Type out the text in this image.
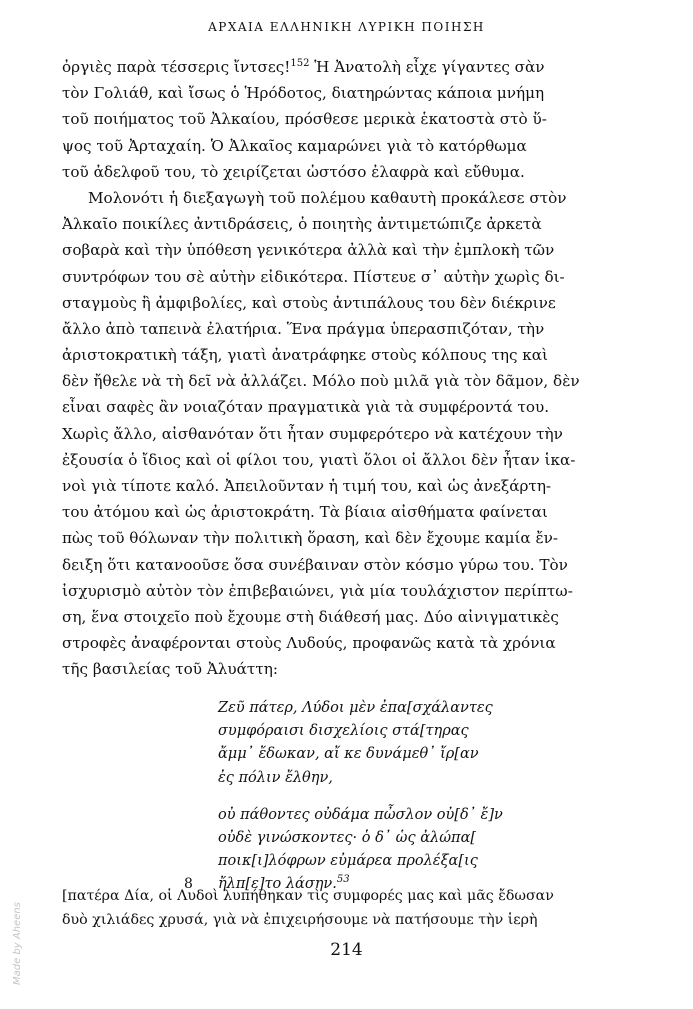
ΑΡΧΑΙΑ ΕΛΛΗΝΙΚΗ ΛΥΡΙΚΗ ΠΟΙΗΣΗ
ὀργιὲς παρὰ τέσσερις ἴντσες!$^{152}$ Ἡ Ἀνατολὴ εἶχε γίγαντες σὰν
τὸν Γολιάθ, καὶ ἴσως ὁ Ἡρόδοτος, διατηρώντας κάποια μνήμη
τοῦ ποιήματος τοῦ Ἀλκαίου, πρόσθεσε μερικὰ ἑκατοστὰ στὸ ὕ-
ψος τοῦ Ἀρταχαίη. Ὁ Ἀλκαῖος καμαρώνει γιὰ τὸ κατόρθωμα
τοῦ ἀδελφοῦ του, τὸ χειρίζεται ὡστόσο ἐλαφρὰ καὶ εὔθυμα.
Μολονότι ἡ διεξαγωγὴ τοῦ πολέμου καθαυτὴ προκάλεσε στὸν
Ἀλκαῖο ποικίλες ἀντιδράσεις, ὁ ποιητὴς ἀντιμετώπιζε ἀρκετὰ
σοβαρὰ καὶ τὴν ὑπόθεση γενικότερα ἀλλὰ καὶ τὴν ἐμπλοκὴ τῶν
συντρόφων του σὲ αὐτὴν εἰδικότερα. Πίστευε σ᾽ αὐτὴν χωρὶς δι-
σταγμοὺς ἢ ἀμφιβολίες, καὶ στοὺς ἀντιπάλους του δὲν διέκρινε
ἄλλο ἀπὸ ταπεινὰ ἐλατήρια. Ἕνα πράγμα ὑπερασπιζόταν, τὴν
ἀριστοκρατικὴ τάξη, γιατὶ ἀνατράφηκε στοὺς κόλπους της καὶ
δὲν ἤθελε νὰ τὴ δεῖ νὰ ἀλλάζει. Μόλο ποὺ μιλᾶ γιὰ τὸν δᾶμον, δὲν
εἶναι σαφὲς ἂν νοιαζόταν πραγματικὰ γιὰ τὰ συμφέροντά του.
Χωρὶς ἄλλο, αἰσθανόταν ὅτι ἦταν συμφερότερο νὰ κατέχουν τὴν
ἐξουσία ὁ ἴδιος καὶ οἱ φίλοι του, γιατὶ ὅλοι οἱ ἄλλοι δὲν ἦταν ἱκα-
νοὶ γιὰ τίποτε καλό. Ἀπειλοῦνταν ἡ τιμή του, καὶ ὡς ἀνεξάρτη-
του ἀτόμου καὶ ὡς ἀριστοκράτη. Τὰ βίαια αἰσθήματα φαίνεται
πὼς τοῦ θόλωναν τὴν πολιτικὴ ὅραση, καὶ δὲν ἔχουμε καμία ἔν-
δειξη ὅτι κατανοοῦσε ὅσα συνέβαιναν στὸν κόσμο γύρω του. Τὸν
ἰσχυρισμὸ αὐτὸν τὸν ἐπιβεβαιώνει, γιὰ μία τουλάχιστον περίπτω-
ση, ἕνα στοιχεῖο ποὺ ἔχουμε στὴ διάθεσή μας. Δύο αἰνιγματικὲς
στροφὲς ἀναφέρονται στοὺς Λυδούς, προφανῶς κατὰ τὰ χρόνια
τῆς βασιλείας τοῦ Ἀλυάττη:
Ζεῦ πάτερ, Λύδοι μὲν ἐπα[σχάλαντες
συμφόραισι δισχελίοις στά[τηρας
ἄμμ᾽ ἔδωκαν, αἴ κε δυνάμεθ᾽ ἴρ[αν
ἐς πόλιν ἔλθην,
οὐ πάθοντες οὐδάμα πὦσλον οὐ[δ᾽ ἔ]ν
οὐδὲ γινώσκοντες· ὁ δ᾽ ὡς ἀλώπα[
ποικ[ι]λόφρων εὐμάρεα προλέξα[ις
8 ἤλπ[ε]το λάσην.$^{53}$
[πατέρα Δία, οἱ Λυδοὶ λυπήθηκαν τὶς συμφορές μας καὶ μᾶς ἔδωσαν
δυὸ χιλιάδες χρυσά, γιὰ νὰ ἐπιχειρήσουμε νὰ πατήσουμε τὴν ἱερὴ
214
Made by Aheens
